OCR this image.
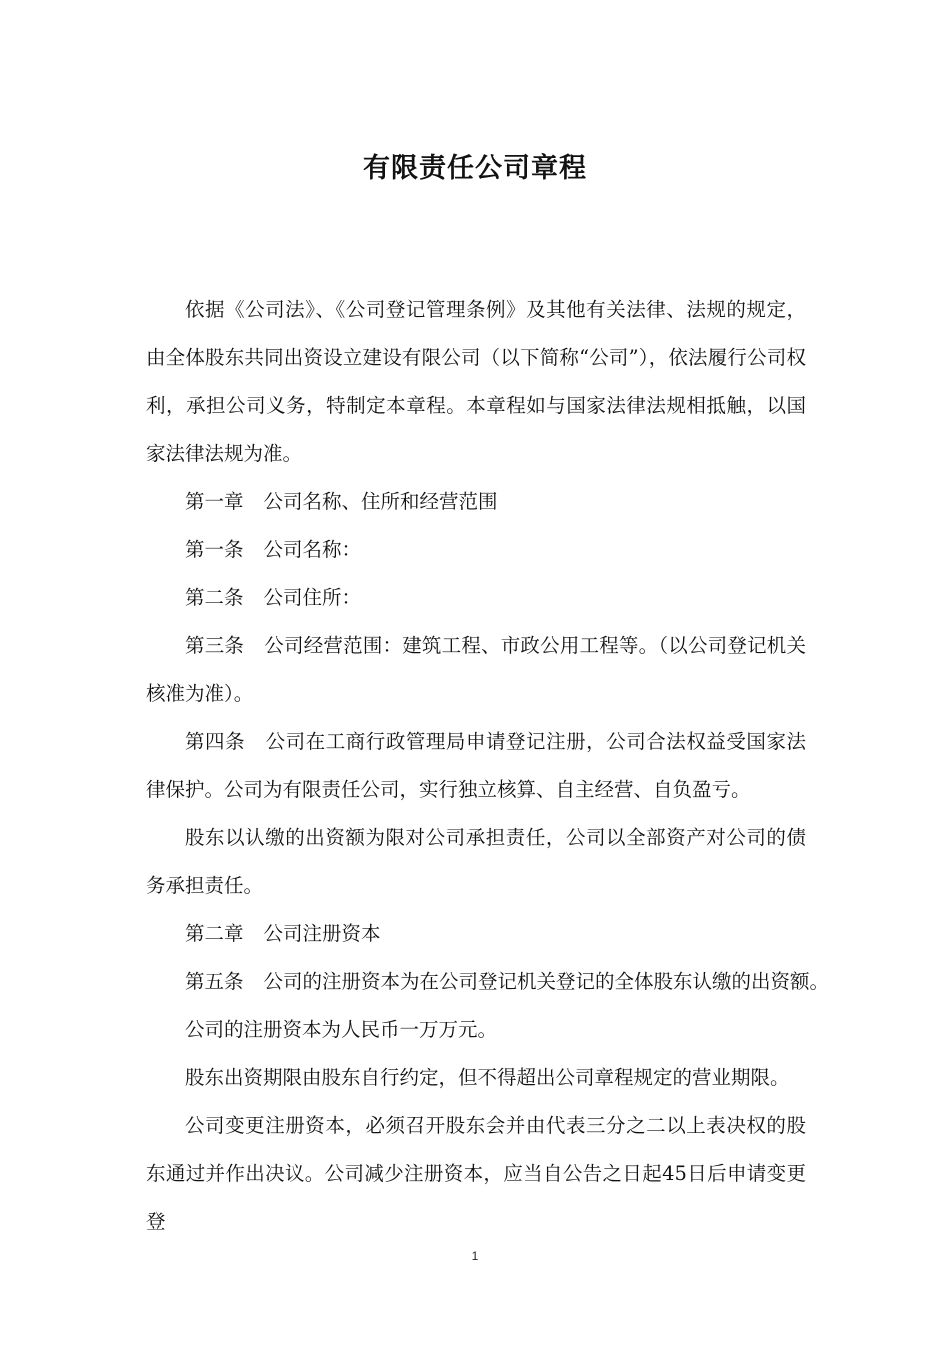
有限责任公司章程

依据《公司法》、《公司登记管理条例》及其他有关法律、法规的规定，由全体股东共同出资设立建设有限公司（以下简称“公司”），依法履行公司权利，承担公司义务，特制定本章程。本章程如与国家法律法规相抵触，以国家法律法规为准。

第一章 公司名称、住所和经营范围

第一条 公司名称：

第二条 公司住所：

第三条 公司经营范围：建筑工程、市政公用工程等。（以公司登记机关核准为准）。

第四条 公司在工商行政管理局申请登记注册，公司合法权益受国家法律保护。公司为有限责任公司，实行独立核算、自主经营、自负盈亏。

股东以认缴的出资额为限对公司承担责任，公司以全部资产对公司的债务承担责任。

第二章 公司注册资本

第五条 公司的注册资本为在公司登记机关登记的全体股东认缴的出资额。

公司的注册资本为人民币一万万元。

股东出资期限由股东自行约定，但不得超出公司章程规定的营业期限。

公司变更注册资本，必须召开股东会并由代表三分之二以上表决权的股东通过并作出决议。公司减少注册资本，应当自公告之日起45日后申请变更登

1
